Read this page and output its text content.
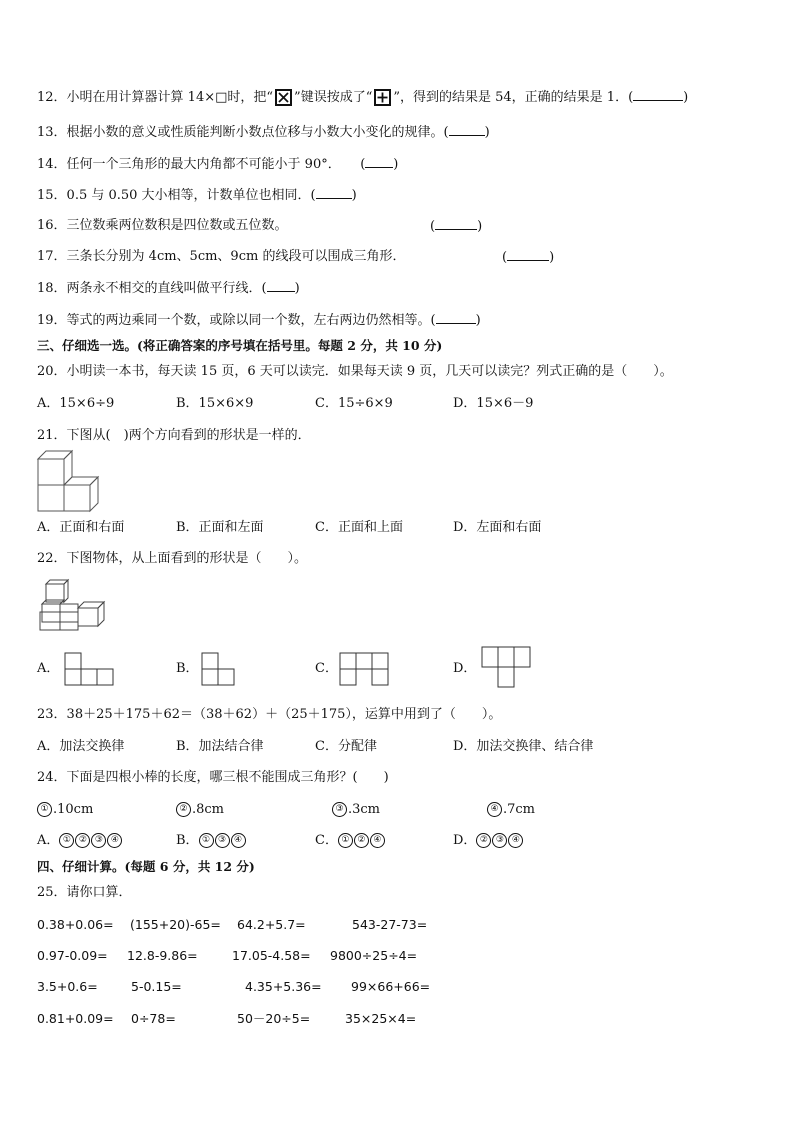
12．小明在用计算器计算 14×□时，把“ ”键误按成了“ ”，得到的结果是 54，正确的结果是 1．(	)
13．根据小数的意义或性质能判断小数点位移与小数大小变化的规律。(	)
14．任何一个三角形的最大内角都不可能小于 90°．　　( )
15．0.5 与 0.50 大小相等，计数单位也相同．(	)
16．三位数乘两位数积是四位数或五位数。	(	)
17．三条长分别为 4cm、5cm、9cm 的线段可以围成三角形．	(	)
18．两条永不相交的直线叫做平行线．( )
19．等式的两边乘同一个数，或除以同一个数，左右两边仍然相等。(	)
三、仔细选一选。(将正确答案的序号填在括号里。每题 2 分，共 10 分)
20．小明读一本书，每天读 15 页，6 天可以读完．如果每天读 9 页，几天可以读完？列式正确的是（　　）。
A．15×6÷9	B．15×6×9	C．15÷6×9	D．15×6－9
21．下图从(　)两个方向看到的形状是一样的．
A．正面和右面	B．正面和左面	C．正面和上面	D．左面和右面
22．下图物体，从上面看到的形状是（　　）。
A．	B．	C．	D．
23．38＋25＋175＋62＝（38＋62）＋（25＋175），运算中用到了（　　）。
A．加法交换律	B．加法结合律	C．分配律	D．加法交换律、结合律
24．下面是四根小棒的长度，哪三根不能围成三角形？(　　)
① .10cm	② .8cm	③ .3cm	④ .7cm
A． ① ② ③ ④	B． ① ③ ④	C． ① ② ④	D． ② ③ ④
四、仔细计算。(每题 6 分，共 12 分)
25．请你口算．
0.38+0.06= (155+20)-65= 64.2+5.7=	543-27-73=
0.97-0.09= 12.8-9.86=	17.05-4.58= 9800÷25÷4=
3.5+0.6=	5-0.15=	4.35+5.36= 99×66+66=
0.81+0.09= 0÷78=	50－20÷5=	35×25×4=
